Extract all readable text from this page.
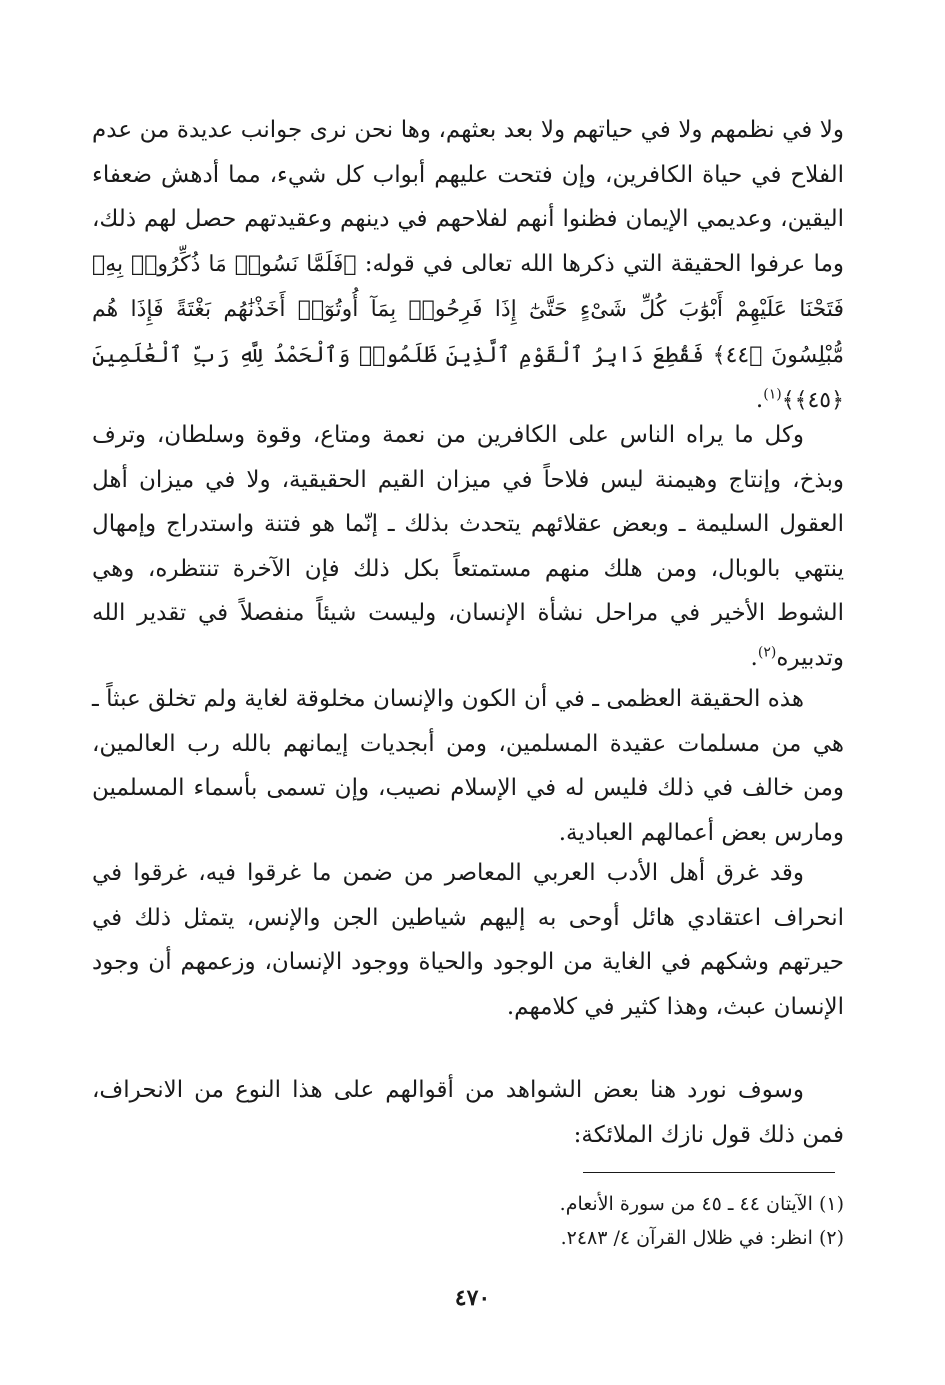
ولا في نظمهم ولا في حياتهم ولا بعد بعثهم، وها نحن نرى جوانب عديدة من عدم الفلاح في حياة الكافرين، وإن فتحت عليهم أبواب كل شيء، مما أدهش ضعفاء اليقين، وعديمي الإيمان فظنوا أنهم لفلاحهم في دينهم وعقيدتهم حصل لهم ذلك، وما عرفوا الحقيقة التي ذكرها الله تعالى في قوله: ﴿فَلَمَّا نَسُوا۟ مَا ذُكِّرُوا۟ بِهِۦ فَتَحْنَا عَلَيْهِمْ أَبْوَٰبَ كُلِّ شَىْءٍ حَتَّىٰٓ إِذَا فَرِحُوا۟ بِمَآ أُوتُوٓا۟ أَخَذْنَٰهُم بَغْتَةً فَإِذَا هُم مُّبْلِسُونَ ﴿٤٤﴾ فَقُطِعَ دَابِرُ ٱلْقَوْمِ ٱلَّذِينَ ظَلَمُوا۟ وَٱلْحَمْدُ لِلَّهِ رَبِّ ٱلْعَٰلَمِينَ ﴿٤٥﴾﴾$^{(١)}$.

وكل ما يراه الناس على الكافرين من نعمة ومتاع، وقوة وسلطان، وترف وبذخ، وإنتاج وهيمنة ليس فلاحاً في ميزان القيم الحقيقية، ولا في ميزان أهل العقول السليمة ـ وبعض عقلائهم يتحدث بذلك ـ إنّما هو فتنة واستدراج وإمهال ينتهي بالوبال، ومن هلك منهم مستمتعاً بكل ذلك فإن الآخرة تنتظره، وهي الشوط الأخير في مراحل نشأة الإنسان، وليست شيئاً منفصلاً في تقدير الله وتدبيره$^{(٢)}$.

هذه الحقيقة العظمى ـ في أن الكون والإنسان مخلوقة لغاية ولم تخلق عبثاً ـ هي من مسلمات عقيدة المسلمين، ومن أبجديات إيمانهم بالله رب العالمين، ومن خالف في ذلك فليس له في الإسلام نصيب، وإن تسمى بأسماء المسلمين ومارس بعض أعمالهم العبادية.

وقد غرق أهل الأدب العربي المعاصر من ضمن ما غرقوا فيه، غرقوا في انحراف اعتقادي هائل أوحى به إليهم شياطين الجن والإنس، يتمثل ذلك في حيرتهم وشكهم في الغاية من الوجود والحياة ووجود الإنسان، وزعمهم أن وجود الإنسان عبث، وهذا كثير في كلامهم.

وسوف نورد هنا بعض الشواهد من أقوالهم على هذا النوع من الانحراف، فمن ذلك قول نازك الملائكة:

(١) الآيتان ٤٤ ـ ٤٥ من سورة الأنعام.

(٢) انظر: في ظلال القرآن ٤/ ٢٤٨٣.

٤٧٠
